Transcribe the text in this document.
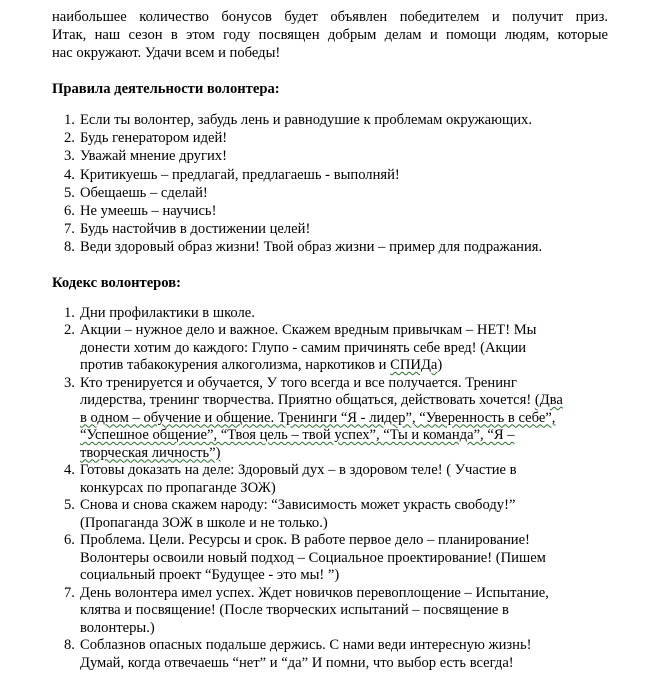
наибольшее количество бонусов будет объявлен победителем и получит приз.
Итак, наш сезон в этом году посвящен добрым делам и помощи людям, которые
нас окружают. Удачи всем и победы!

Правила деятельности волонтера:

1. Если ты волонтер, забудь лень и равнодушие к проблемам окружающих.
2. Будь генератором идей!
3. Уважай мнение других!
4. Критикуешь – предлагай, предлагаешь - выполняй!
5. Обещаешь – сделай!
6. Не умеешь – научись!
7. Будь настойчив в достижении целей!
8. Веди здоровый образ жизни! Твой образ жизни – пример для подражания.

Кодекс волонтеров:

1. Дни профилактики в школе.
2. Акции – нужное дело и важное. Скажем вредным привычкам – НЕТ! Мы
донести хотим до каждого: Глупо - самим причинять себе вред! (Акции
против табакокурения алкоголизма, наркотиков и СПИДа)
3. Кто тренируется и обучается, У того всегда и все получается. Тренинг
лидерства, тренинг творчества. Приятно общаться, действовать хочется! (Два
в одном – обучение и общение. Тренинги “Я - лидер”, “Уверенность в себе”,
“Успешное общение”, “Твоя цель – твой успех”, “Ты и команда”, “Я –
творческая личность”)
4. Готовы доказать на деле: Здоровый дух – в здоровом теле! ( Участие в
конкурсах по пропаганде ЗОЖ)
5. Снова и снова скажем народу: “Зависимость может украсть свободу!”
(Пропаганда ЗОЖ в школе и не только.)
6. Проблема. Цели. Ресурсы и срок. В работе первое дело – планирование!
Волонтеры освоили новый подход – Социальное проектирование! (Пишем
социальный проект “Будущее - это мы! ”)
7. День волонтера имел успех. Ждет новичков перевоплощение – Испытание,
клятва и посвящение! (После творческих испытаний – посвящение в
волонтеры.)
8. Соблазнов опасных подальше держись. С нами веди интересную жизнь!
Думай, когда отвечаешь “нет” и “да” И помни, что выбор есть всегда!
